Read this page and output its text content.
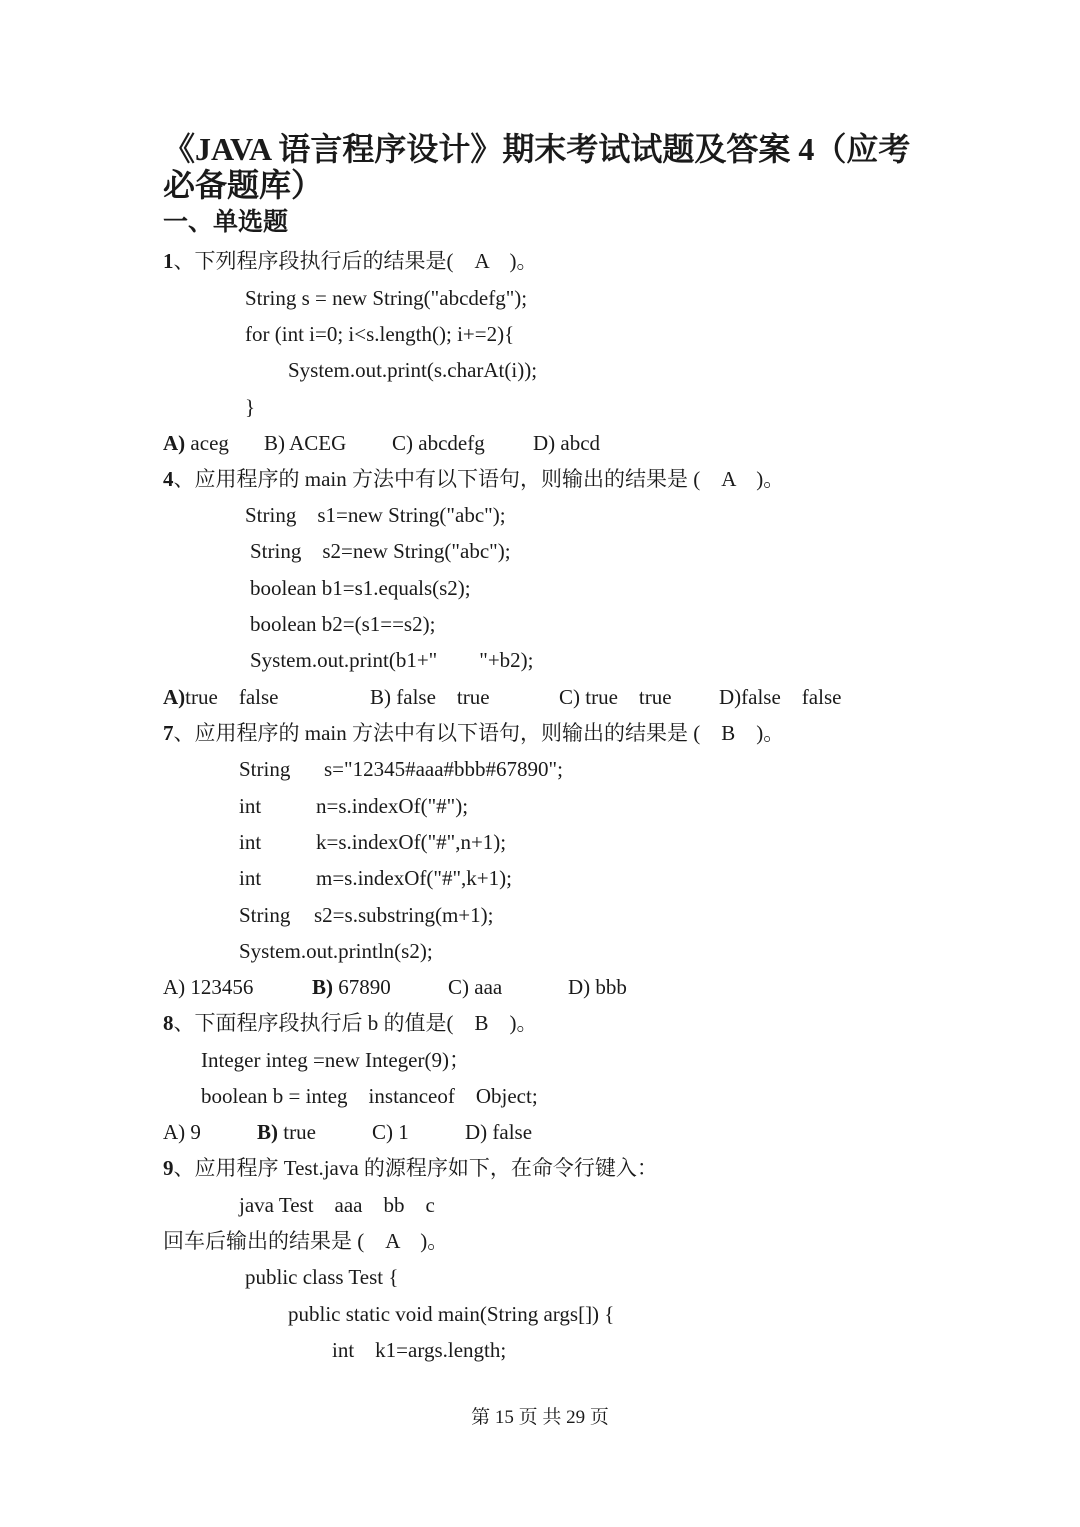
《JAVA 语言程序设计》期末考试试题及答案 4（应考
必备题库）
一、单选题
1、下列程序段执行后的结果是(　A　)。
String s = new String("abcdefg");
for (int i=0; i<s.length(); i+=2){
System.out.print(s.charAt(i));
}
A) aceg B) ACEG C) abcdefg D) abcd
4、应用程序的 main 方法中有以下语句，则输出的结果是 (　A　)。
String　s1=new String("abc");
String　s2=new String("abc");
boolean b1=s1.equals(s2);
boolean b2=(s1==s2);
System.out.print(b1+"　　"+b2);
A)true　false	B) false　true	C) true　true D)false　false
7、应用程序的 main 方法中有以下语句，则输出的结果是 (　B　)。
String s="12345#aaa#bbb#67890";
int	n=s.indexOf("#");
int	k=s.indexOf("#",n+1);
int	m=s.indexOf("#",k+1);
String s2=s.substring(m+1);
System.out.println(s2);
A) 123456	B) 67890	C) aaa	D) bbb
8、下面程序段执行后 b 的值是(　B　)。
Integer integ =new Integer(9)；
boolean b = integ　instanceof　Object;
A) 9	B) true	C) 1	D) false
9、应用程序 Test.java 的源程序如下，在命令行键入：
java Test　aaa　bb　c
回车后输出的结果是 (　A　)。
public class Test {
public static void main(String args[]) {
int　k1=args.length;
第 15 页 共 29 页
